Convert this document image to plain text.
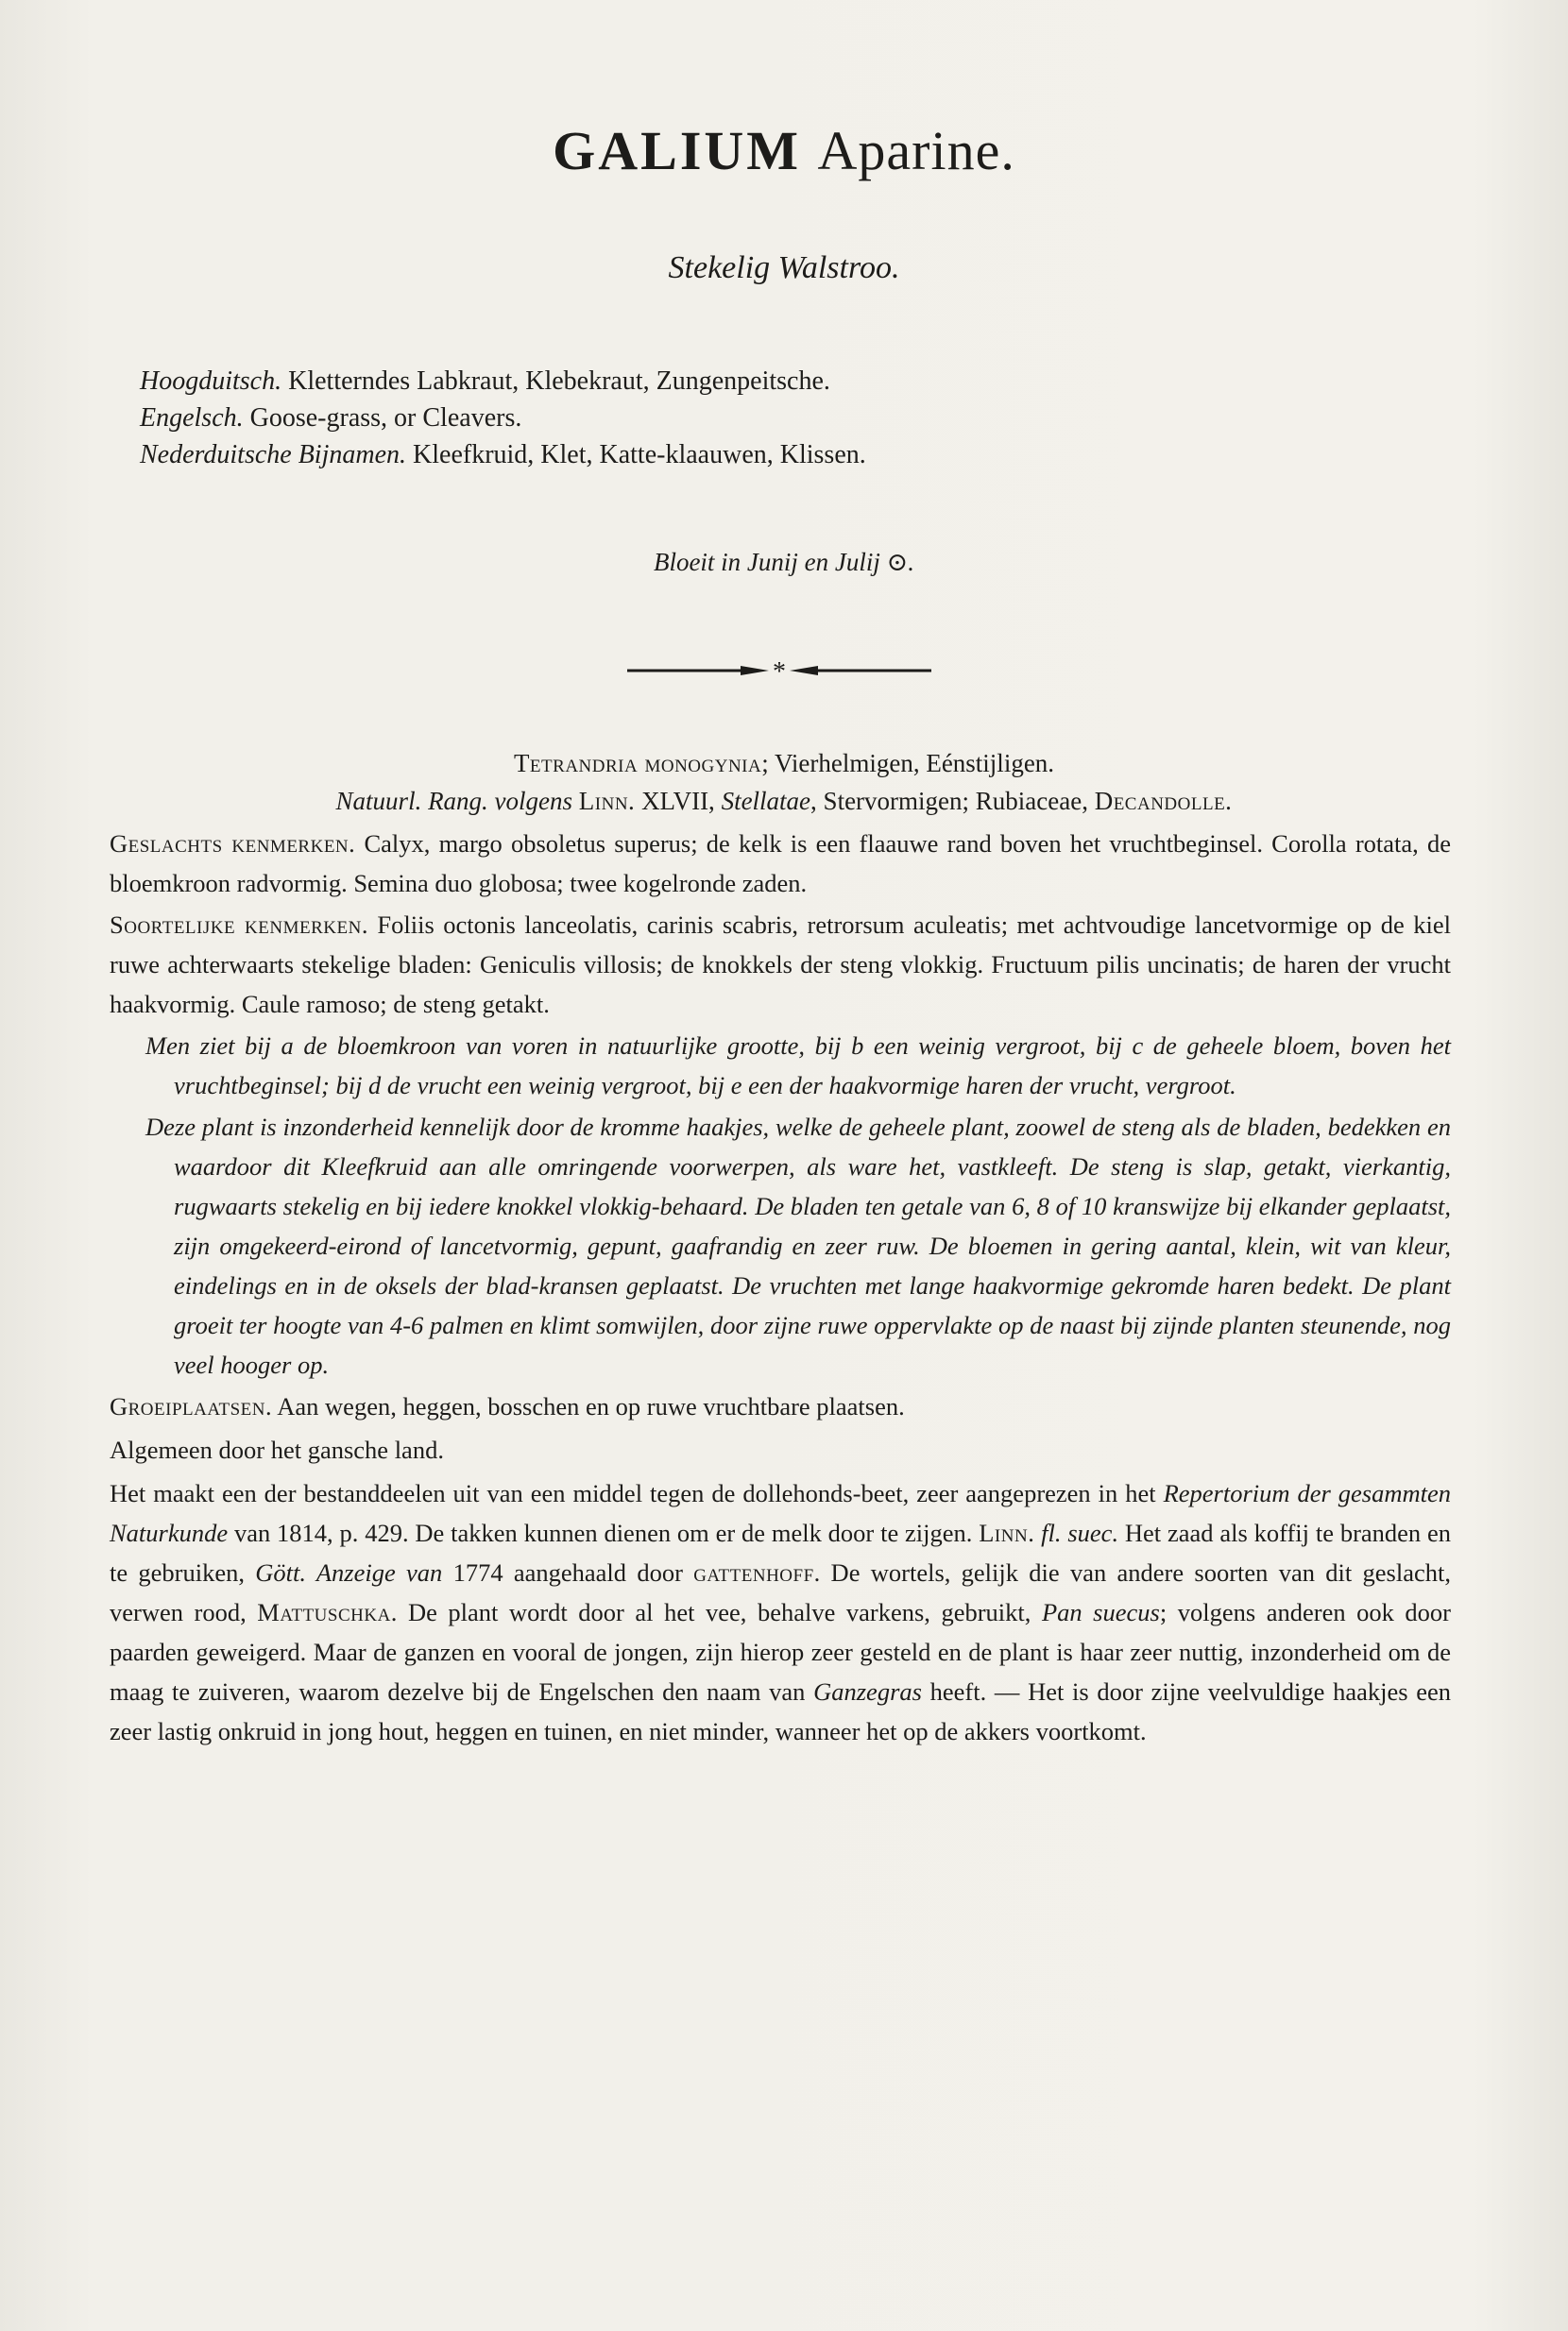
GALIUM Aparine.
Stekelig Walstroo.
Hoogduitsch. Kletterndes Labkraut, Klebekraut, Zungenpeitsche.
Engelsch. Goose-grass, or Cleavers.
Nederduitsche Bijnamen. Kleefkruid, Klet, Katte-klaauwen, Klissen.
Bloeit in Junij en Julij ⊙.
*
Tetrandria monogynia; Vierhelmigen, Eénstijligen.
Natuurl. Rang. volgens Linn. XLVII, Stellatae, Stervormigen; Rubiaceae, Decandolle.

Geslachts kenmerken. Calyx, margo obsoletus superus; de kelk is een flaauwe rand boven het vruchtbeginsel. Corolla rotata, de bloemkroon radvormig. Semina duo globosa; twee kogelronde zaden.

Soortelijke kenmerken. Foliis octonis lanceolatis, carinis scabris, retrorsum aculeatis; met achtvoudige lancetvormige op de kiel ruwe achterwaarts stekelige bladen: Geniculis villosis; de knokkels der steng vlokkig. Fructuum pilis uncinatis; de haren der vrucht haakvormig. Caule ramoso; de steng getakt.

Men ziet bij a de bloemkroon van voren in natuurlijke grootte, bij b een weinig vergroot, bij c de geheele bloem, boven het vruchtbeginsel; bij d de vrucht een weinig vergroot, bij e een der haakvormige haren der vrucht, vergroot.

Deze plant is inzonderheid kennelijk door de kromme haakjes, welke de geheele plant, zoowel de steng als de bladen, bedekken en waardoor dit Kleefkruid aan alle omringende voorwerpen, als ware het, vastkleeft. De steng is slap, getakt, vierkantig, rugwaarts stekelig en bij iedere knokkel vlokkig-behaard. De bladen ten getale van 6, 8 of 10 kranswijze bij elkander geplaatst, zijn omgekeerd-eirond of lancetvormig, gepunt, gaafrandig en zeer ruw. De bloemen in gering aantal, klein, wit van kleur, eindelings en in de oksels der blad-kransen geplaatst. De vruchten met lange haakvormige gekromde haren bedekt. De plant groeit ter hoogte van 4-6 palmen en klimt somwijlen, door zijne ruwe oppervlakte op de naast bij zijnde planten steunende, nog veel hooger op.

Groeiplaatsen. Aan wegen, heggen, bosschen en op ruwe vruchtbare plaatsen.

Algemeen door het gansche land.

Het maakt een der bestanddeelen uit van een middel tegen de dollehonds-beet, zeer aangeprezen in het Repertorium der gesammten Naturkunde van 1814, p. 429. De takken kunnen dienen om er de melk door te zijgen. Linn. fl. suec. Het zaad als koffij te branden en te gebruiken, Gött. Anzeige van 1774 aangehaald door gattenhoff. De wortels, gelijk die van andere soorten van dit geslacht, verwen rood, Mattuschka. De plant wordt door al het vee, behalve varkens, gebruikt, Pan suecus; volgens anderen ook door paarden geweigerd. Maar de ganzen en vooral de jongen, zijn hierop zeer gesteld en de plant is haar zeer nuttig, inzonderheid om de maag te zuiveren, waarom dezelve bij de Engelschen den naam van Ganzegras heeft. — Het is door zijne veelvuldige haakjes een zeer lastig onkruid in jong hout, heggen en tuinen, en niet minder, wanneer het op de akkers voortkomt.
